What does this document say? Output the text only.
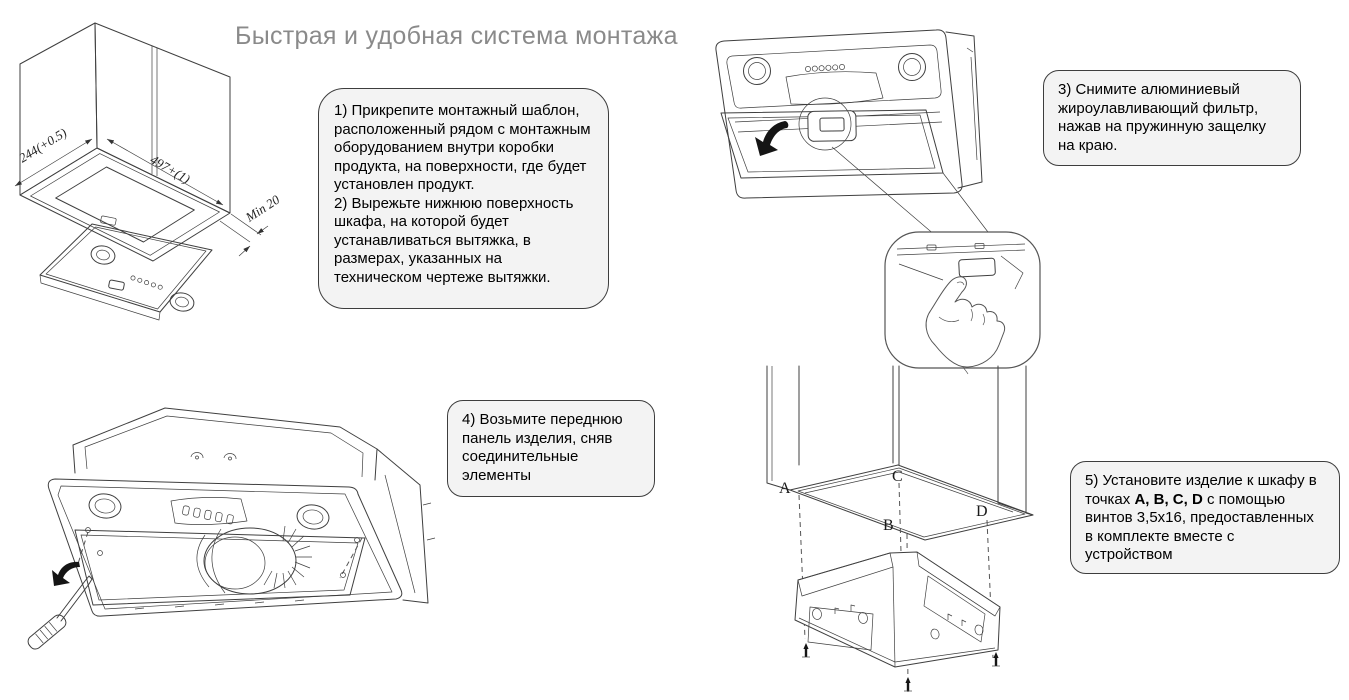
Быстрая и удобная система монтажа
244(+0.5)
497+(1)
Min 20

1) Прикрепите монтажный шаблон, расположенный рядом с монтажным оборудованием внутри коробки продукта, на поверхности, где будет установлен продукт.

2) Вырежьте нижнюю поверхность шкафа, на которой будет устанавливаться вытяжка, в размерах, указанных на техническом чертеже вытяжки.

3) Снимите алюминиевый жироулавливающий фильтр, нажав на пружинную защелку на краю.

4) Возьмите переднюю панель изделия, сняв соединительные элементы

A
C
B
D

5) Установите изделие к шкафу в точках A, B, C, D с помощью винтов 3,5x16, предоставленных в комплекте вместе с устройством
